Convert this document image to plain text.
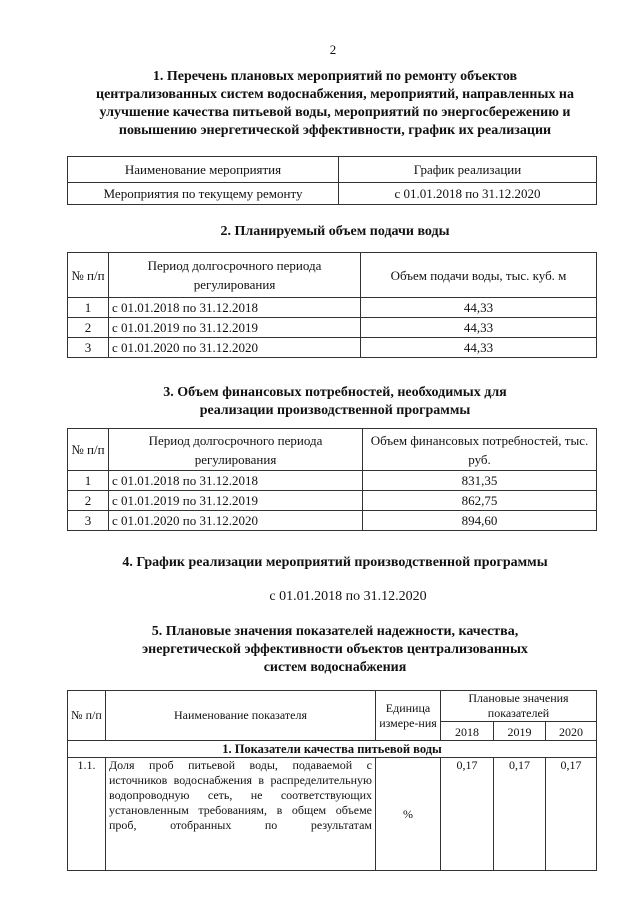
2
1. Перечень плановых мероприятий по ремонту объектов
централизованных систем водоснабжения, мероприятий, направленных на
улучшение качества питьевой воды, мероприятий по энергосбережению и
повышению энергетической эффективности, график их реализации
Наименование мероприятия	График реализации
Мероприятия по текущему ремонту	с 01.01.2018 по 31.12.2020
2. Планируемый объем подачи воды
№ п/п	Период долгосрочного периода регулирования	Объем подачи воды, тыс. куб. м
1	с 01.01.2018 по 31.12.2018	44,33
2	с 01.01.2019 по 31.12.2019	44,33
3	с 01.01.2020 по 31.12.2020	44,33
3. Объем финансовых потребностей, необходимых для
реализации производственной программы
№ п/п	Период долгосрочного периода регулирования	Объем финансовых потребностей, тыс. руб.
1	с 01.01.2018 по 31.12.2018	831,35
2	с 01.01.2019 по 31.12.2019	862,75
3	с 01.01.2020 по 31.12.2020	894,60
4. График реализации мероприятий производственной программы
с 01.01.2018 по 31.12.2020
5. Плановые значения показателей надежности, качества,
энергетической эффективности объектов централизованных
систем водоснабжения
№ п/п	Наименование показателя	Единица измере-ния	Плановые значения показателей		
			2018	2019	2020
1. Показатели качества питьевой воды					
1.1.	Доля проб питьевой воды, подаваемой с источников водоснабжения в распределительную водопроводную сеть, не соответствующих установленным требованиям, в общем объеме проб, отобранных по результатам	%	0,17	0,17	0,17
